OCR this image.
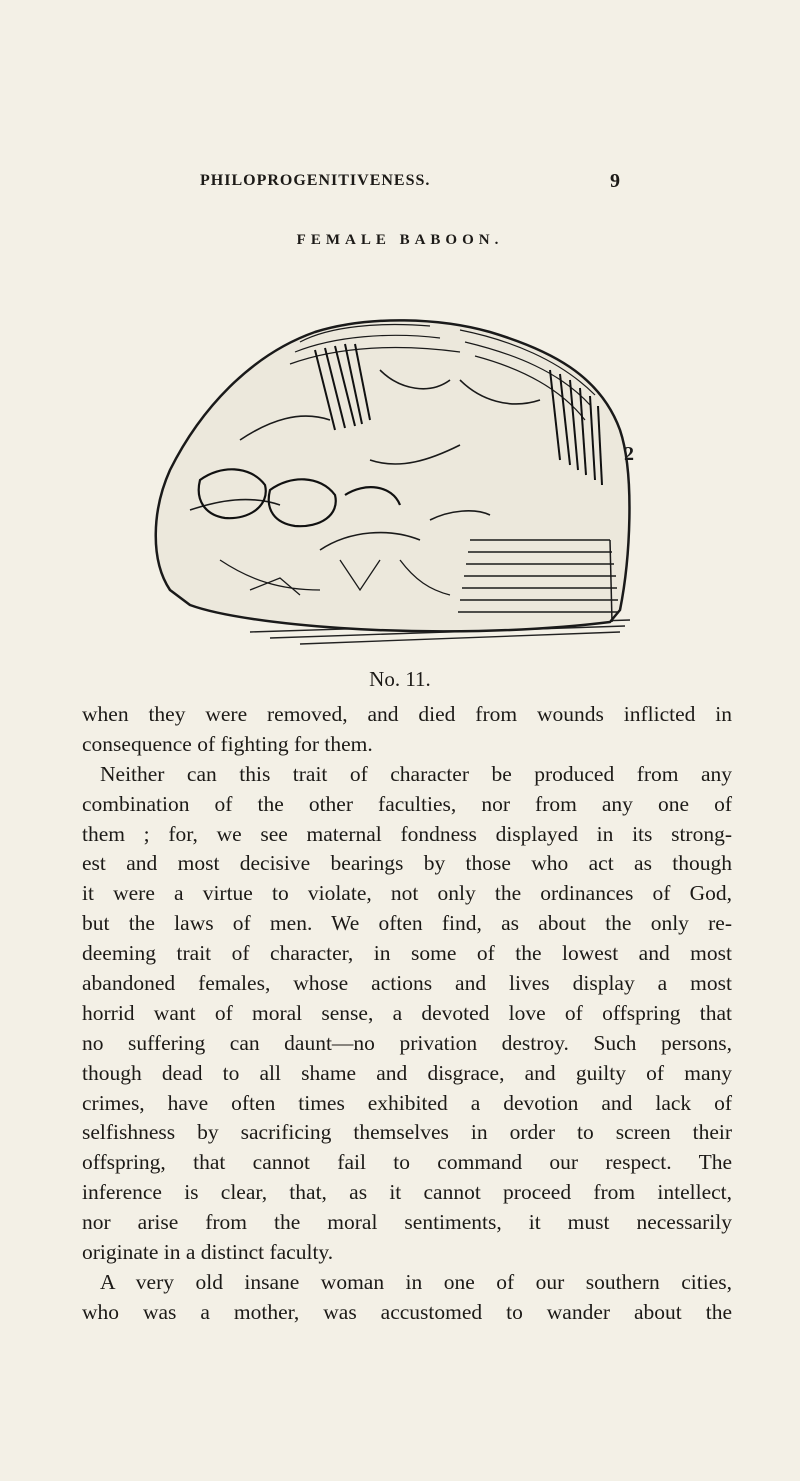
PHILOPROGENITIVENESS.	9
FEMALE BABOON.
2
No. 11.
when they were removed, and died from wounds inflicted in
consequence of fighting for them.
Neither can this trait of character be produced from any
combination of the other faculties, nor from any one of
them ; for, we see maternal fondness displayed in its strong-
est and most decisive bearings by those who act as though
it were a virtue to violate, not only the ordinances of God,
but the laws of men. We often find, as about the only re-
deeming trait of character, in some of the lowest and most
abandoned females, whose actions and lives display a most
horrid want of moral sense, a devoted love of offspring that
no suffering can daunt—no privation destroy. Such persons,
though dead to all shame and disgrace, and guilty of many
crimes, have often times exhibited a devotion and lack of
selfishness by sacrificing themselves in order to screen their
offspring, that cannot fail to command our respect. The
inference is clear, that, as it cannot proceed from intellect,
nor arise from the moral sentiments, it must necessarily
originate in a distinct faculty.
A very old insane woman in one of our southern cities,
who was a mother, was accustomed to wander about the
